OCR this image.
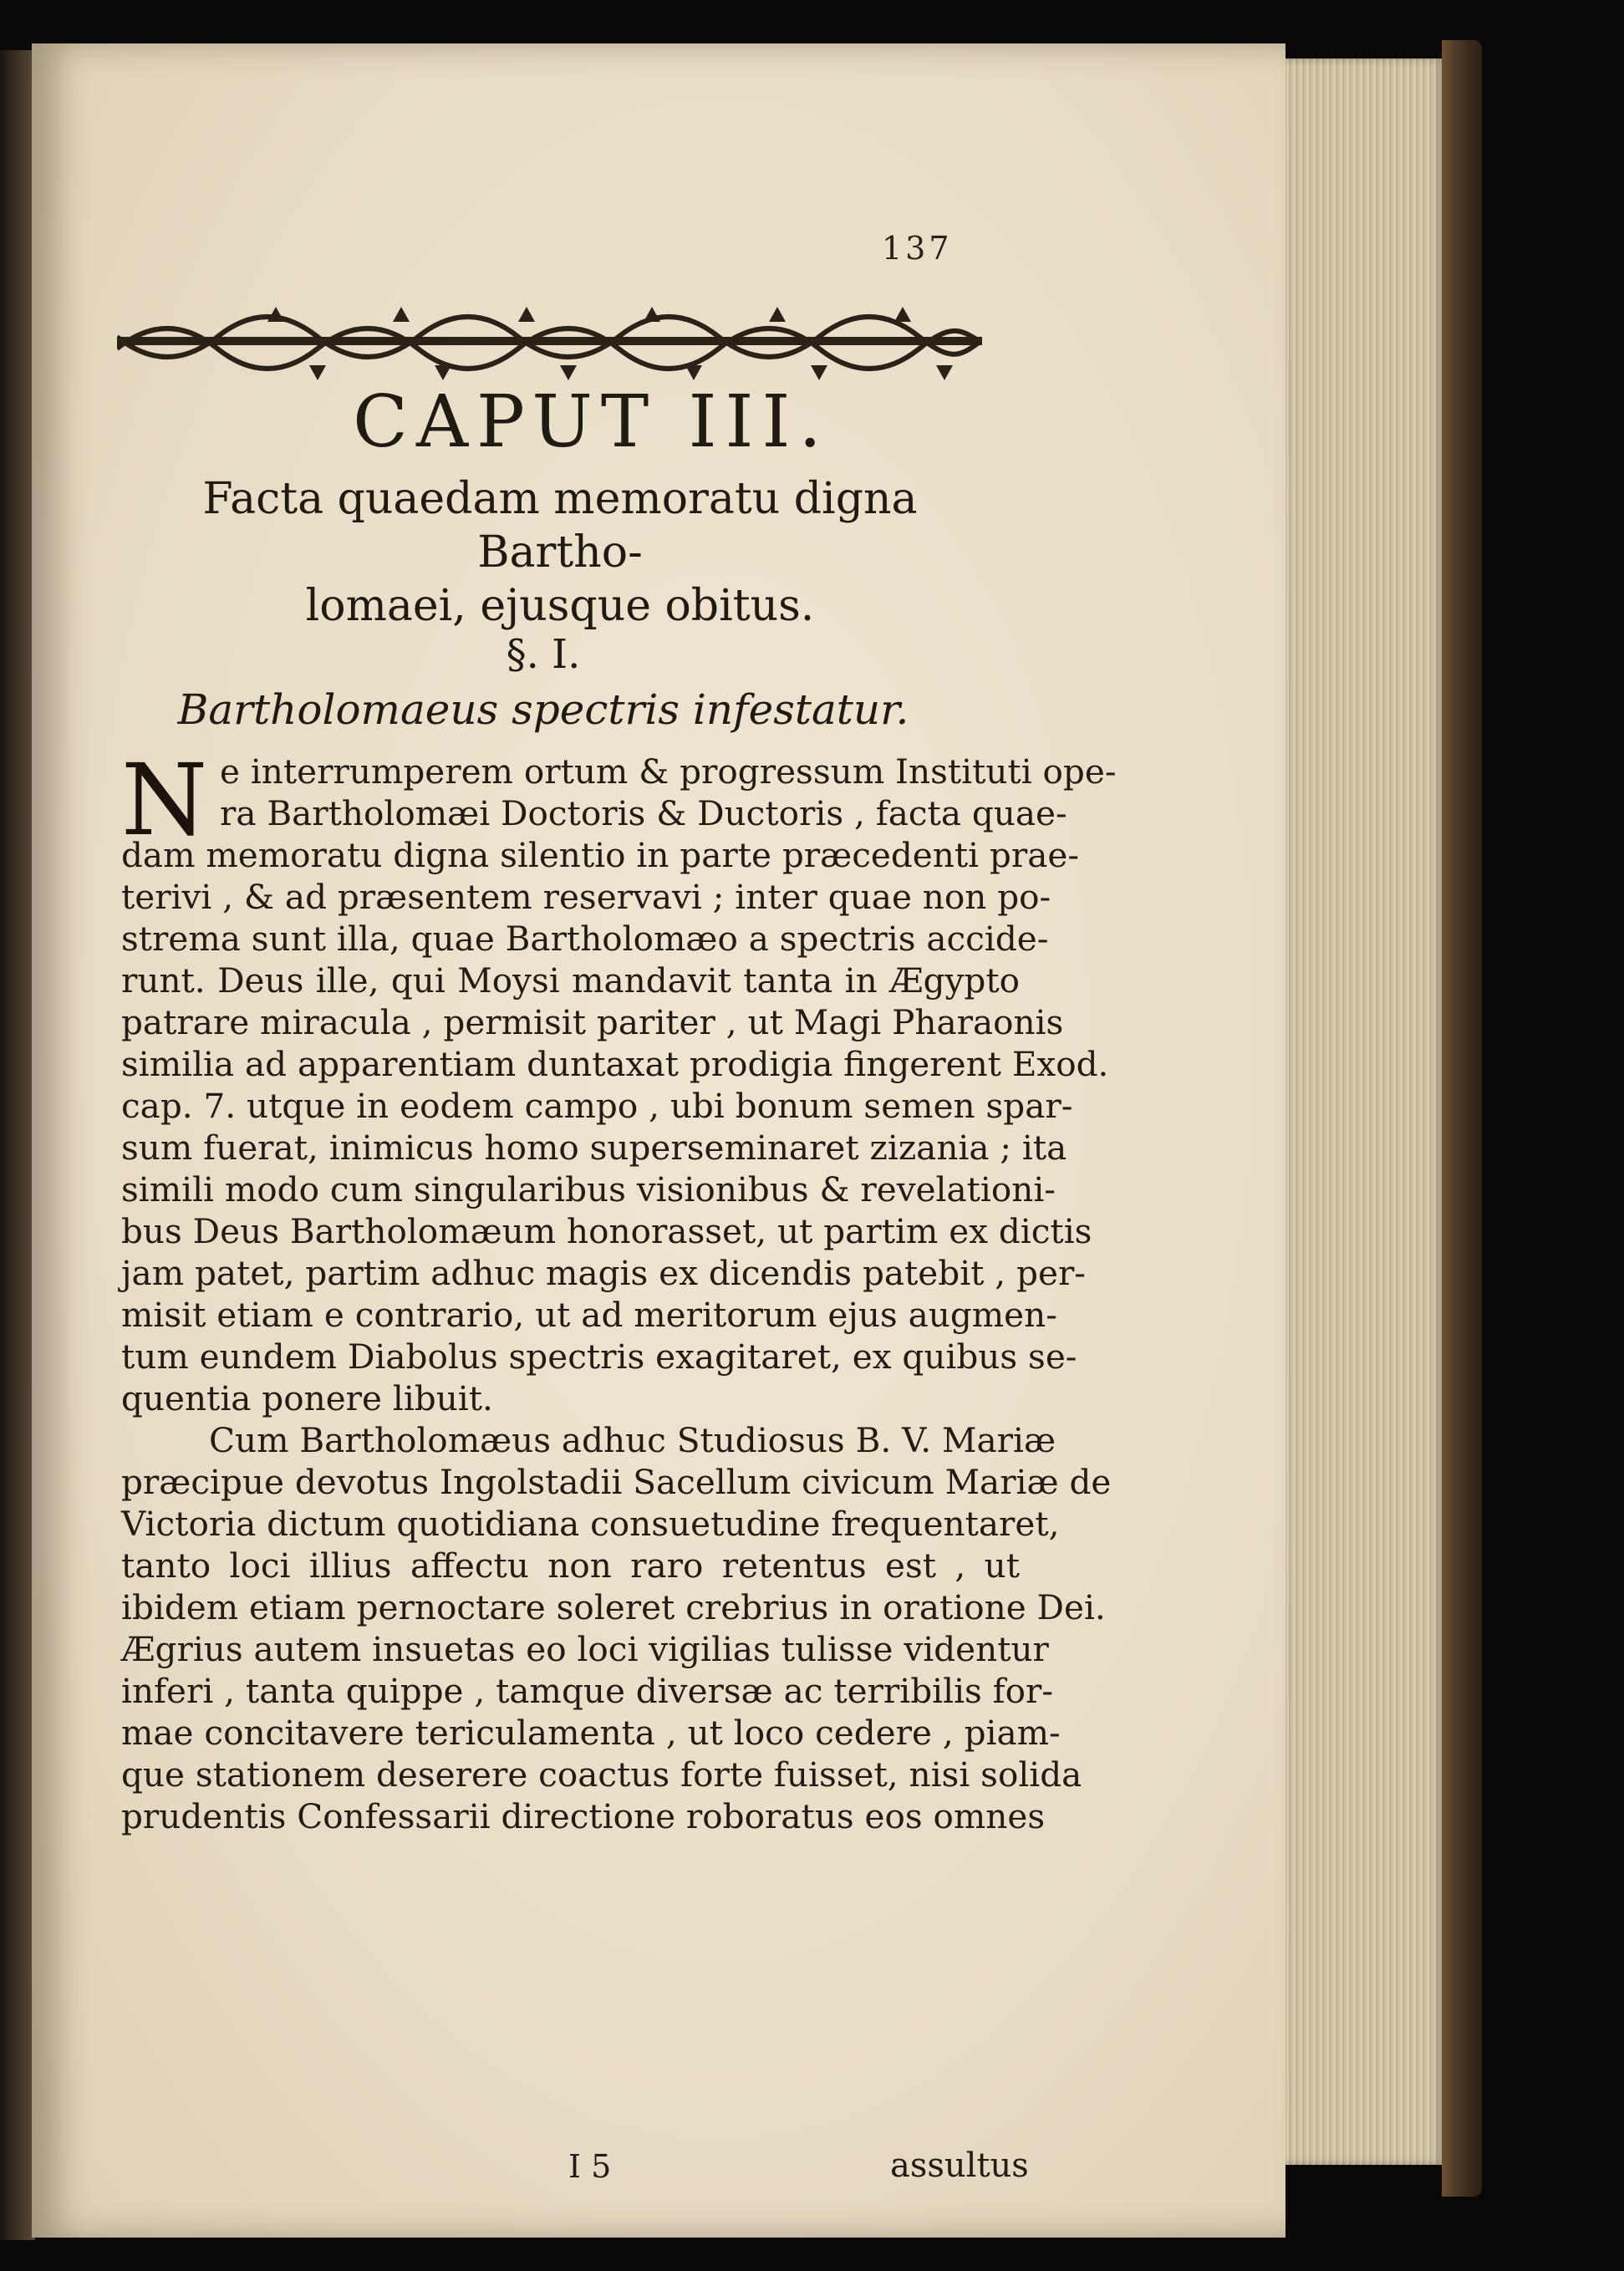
137
CAPUT III.
Facta quaedam memoratu digna Bartho-
lomaei, ejusque obitus.
§. I.
Bartholomaeus spectris infestatur.
N e interrumperem ortum & progressum Instituti ope-
ra Bartholomæi Doctoris & Ductoris , facta quae-
dam memoratu digna silentio in parte præcedenti prae-
terivi , & ad præsentem reservavi ; inter quae non po-
strema sunt illa, quae Bartholomæo a spectris accide-
runt. Deus ille, qui Moysi mandavit tanta in Ægypto
patrare miracula , permisit pariter , ut Magi Pharaonis
similia ad apparentiam duntaxat prodigia fingerent Exod.
cap. 7. utque in eodem campo , ubi bonum semen spar-
sum fuerat, inimicus homo superseminaret zizania ; ita
simili modo cum singularibus visionibus & revelationi-
bus Deus Bartholomæum honorasset, ut partim ex dictis
jam patet, partim adhuc magis ex dicendis patebit , per-
misit etiam e contrario, ut ad meritorum ejus augmen-
tum eundem Diabolus spectris exagitaret, ex quibus se-
quentia ponere libuit.
Cum Bartholomæus adhuc Studiosus B. V. Mariæ
præcipue devotus Ingolstadii Sacellum civicum Mariæ de
Victoria dictum quotidiana consuetudine frequentaret,
tanto loci illius affectu non raro retentus est , ut
ibidem etiam pernoctare soleret crebrius in oratione Dei.
Ægrius autem insuetas eo loci vigilias tulisse videntur
inferi , tanta quippe , tamque diversæ ac terribilis for-
mae concitavere tericulamenta , ut loco cedere , piam-
que stationem deserere coactus forte fuisset, nisi solida
prudentis Confessarii directione roboratus eos omnes
I 5	assultus
